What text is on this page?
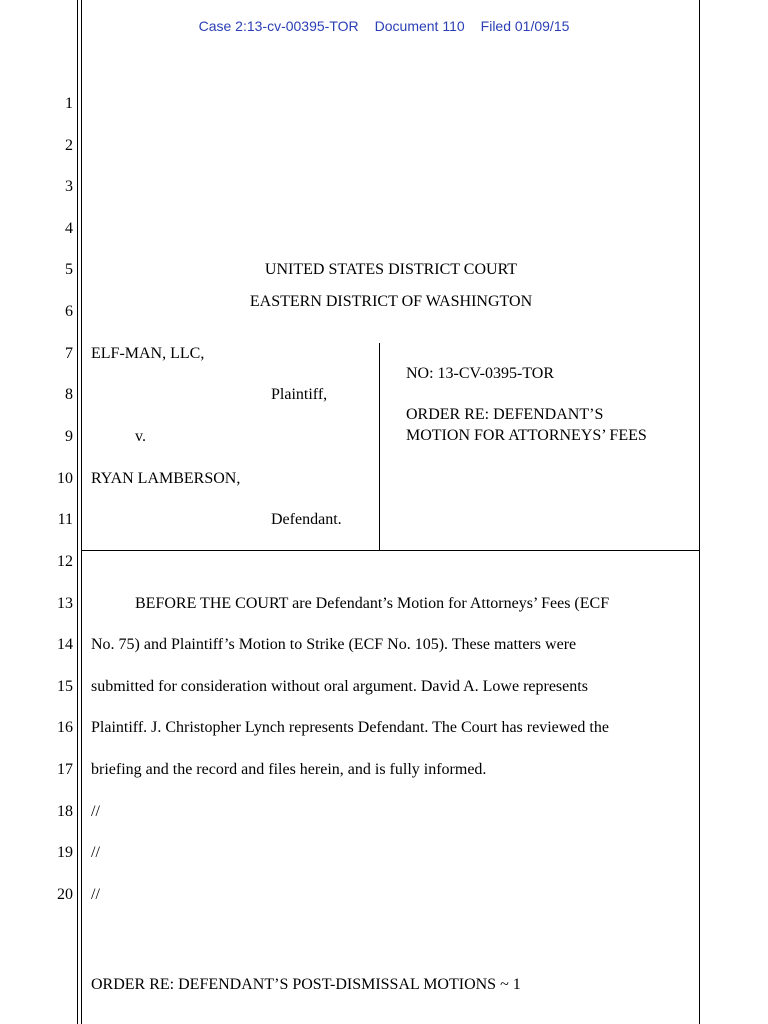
Case 2:13-cv-00395-TOR Document 110 Filed 01/09/15
1
2
3
4
5
6
7
8
9
10
11
12
13
14
15
16
17
18
19
20
UNITED STATES DISTRICT COURT
EASTERN DISTRICT OF WASHINGTON
ELF-MAN, LLC,
Plaintiff,
v.
RYAN LAMBERSON,
Defendant.
NO: 13-CV-0395-TOR
ORDER RE: DEFENDANT’S
MOTION FOR ATTORNEYS’ FEES
BEFORE THE COURT are Defendant’s Motion for Attorneys’ Fees (ECF
No. 75) and Plaintiff’s Motion to Strike (ECF No. 105). These matters were
submitted for consideration without oral argument. David A. Lowe represents
Plaintiff. J. Christopher Lynch represents Defendant. The Court has reviewed the
briefing and the record and files herein, and is fully informed.
//
//
//
ORDER RE: DEFENDANT’S POST-DISMISSAL MOTIONS ~ 1
